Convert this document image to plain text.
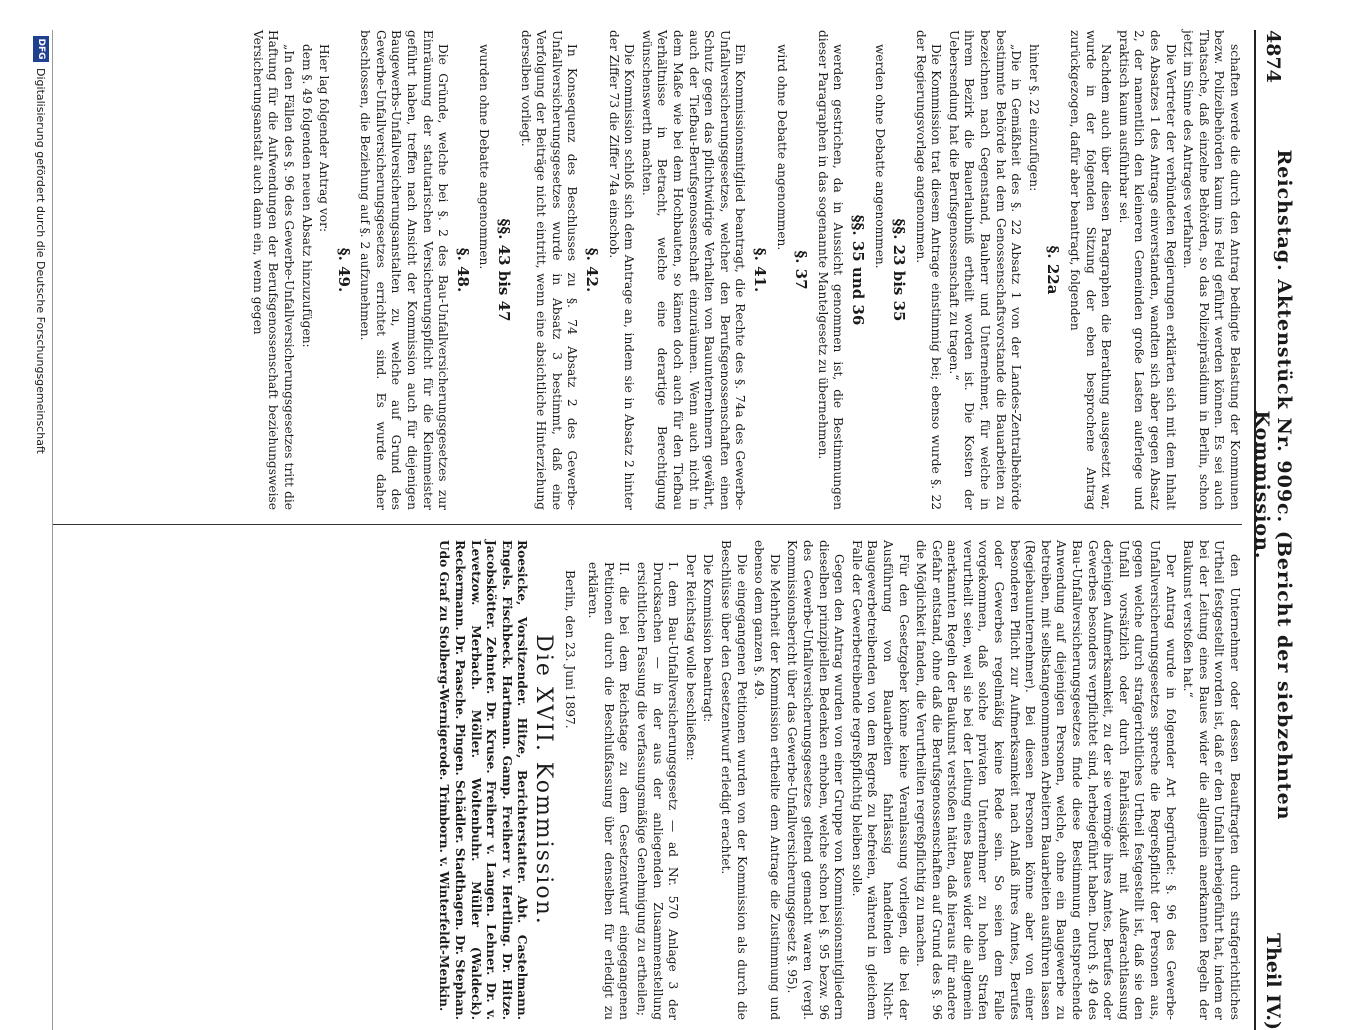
4874
Reichstag. Aktenstück Nr. 909c. (Bericht der siebzehnten Kommission.
Theil IV.)

schaften werde die durch den Antrag bedingte Belastung der Kommunen bezw. Polizeibehörden kaum ins Feld geführt werden können. Es sei auch Thatsache, daß einzelne Behörden, so das Polizeipräsidium in Berlin, schon jetzt im Sinne des Antrages verfahren.

Die Vertreter der verbündeten Regierungen erklärten sich mit dem Inhalt des Absatzes 1 des Antrags einverstanden, wandten sich aber gegen Absatz 2, der namentlich den kleineren Gemeinden große Lasten auferlege und praktisch kaum ausführbar sei.

Nachdem auch über diesen Paragraphen die Berathung ausgesetzt war, wurde in der folgenden Sitzung der eben besprochene Antrag zurückgezogen, dafür aber beantragt, folgenden

§. 22a

hinter §. 22 einzufügen:

„Die in Gemäßheit des §. 22 Absatz 1 von der Landes-Zentralbehörde bestimmte Behörde hat dem Genossenschaftsvorstande die Bauarbeiten zu bezeichnen nach Gegenstand, Bauherr und Unternehmer, für welche in ihrem Bezirk die Bauerlaubniß ertheilt worden ist. Die Kosten der Uebersendung hat die Berufsgenossenschaft zu tragen.“

Die Kommission trat diesem Antrage einstimmig bei; ebenso wurde §. 22 der Regierungsvorlage angenommen.

§§. 23 bis 35

werden ohne Debatte angenommen.

§§. 35 und 36

werden gestrichen, da in Aussicht genommen ist, die Bestimmungen dieser Paragraphen in das sogenannte Mantelgesetz zu übernehmen.

§. 37

wird ohne Debatte angenommen.

§. 41.

Ein Kommissionsmitglied beantragt, die Rechte des §. 74a des Gewerbe-Unfallversicherungsgesetzes, welcher den Berufsgenossenschaften einen Schutz gegen das pflichtwidrige Verhalten von Bauunternehmern gewährt, auch der Tiefbau-Berufsgenossenschaft einzuräumen. Wenn auch nicht in dem Maße wie bei dem Hochbauten, so kämen doch auch für den Tiefbau Verhältnisse in Betracht, welche eine derartige Berechtigung wünschenswerth machten.

Die Kommission schloß sich dem Antrage an, indem sie in Absatz 2 hinter der Ziffer 73 die Ziffer 74a einschob.

§. 42.

In Konsequenz des Beschlusses zu §. 74 Absatz 2 des Gewerbe-Unfallversicherungsgesetzes wurde in Absatz 3 bestimmt, daß eine Verfolgung der Beiträge nicht eintritt, wenn eine absichtliche Hinterziehung derselben vorliegt.

§§. 43 bis 47

wurden ohne Debatte angenommen.

§. 48.

Die Gründe, welche bei §. 2 des Bau-Unfallversicherungsgesetzes zur Einräumung der statutarischen Versicherungspflicht für die Kleinmeister geführt haben, treffen nach Ansicht der Kommission auch für diejenigen Baugewerbs-Unfallversicherungsanstalten zu, welche auf Grund des Gewerbe-Unfallversicherungsgesetzes errichtet sind. Es wurde daher beschlossen, die Beziehung auf §. 2 aufzunehmen.

§. 49.

Hier lag folgender Antrag vor:

dem §. 49 folgenden neuen Absatz hinzuzufügen:

„In den Fällen des §. 96 des Gewerbe-Unfallversicherungsgesetzes tritt die Haftung für die Aufwendungen der Berufsgenossenschaft beziehungsweise Versicherungsanstalt auch dann ein, wenn gegen

den Unternehmer oder dessen Beauftragten durch strafgerichtliches Urtheil festgestellt worden ist, daß er den Unfall herbeigeführt hat, indem er bei der Leitung eines Baues wider die allgemein anerkannten Regeln der Baukunst verstoßen hat.“

Der Antrag wurde in folgender Art begründet: §. 96 des Gewerbe-Unfallversicherungsgesetzes spreche die Regreßpflicht der Personen aus, gegen welche durch strafgerichtliches Urtheil festgestellt ist, daß sie den Unfall vorsätzlich oder durch Fahrlässigkeit mit Außerachtlassung derjenigen Aufmerksamkeit, zu der sie vermöge ihres Amtes, Berufes oder Gewerbes besonders verpflichtet sind, herbeigeführt haben. Durch §. 49 des Bau-Unfallversicherungsgesetzes finde diese Bestimmung entsprechende Anwendung auf diejenigen Personen, welche, ohne ein Baugewerbe zu betreiben, mit selbstangenommenen Arbeitern Bauarbeiten ausführen lassen (Regiebauunternehmer). Bei diesen Personen könne aber von einer besonderen Pflicht zur Aufmerksamkeit nach Anlaß ihres Amtes, Berufes oder Gewerbes regelmäßig keine Rede sein. So seien dem Falle vorgekommen, daß solche privaten Unternehmer zu hohen Strafen verurtheilt seien, weil sie bei der Leitung eines Baues wider die allgemein anerkannten Regeln der Baukunst verstoßen hätten, daß hieraus für andere Gefahr entstand, ohne daß die Berufsgenossenschaften auf Grund des §. 96 die Möglichkeit fanden, die Verurtheilten regreßpflichtig zu machen.

Für den Gesetzgeber könne keine Veranlassung vorliegen, die bei der Ausführung von Bauarbeiten fahrlässig handelnden Nicht-Baugewerbetreibenden von dem Regreß zu befreien, während in gleichem Falle der Gewerbetreibende regreßpflichtig bleiben solle.

Gegen den Antrag wurden von einer Gruppe von Kommissionsmitgliedern dieselben prinzipiellen Bedenken erhoben, welche schon bei §. 95 bezw. 96 des Gewerbe-Unfallversicherungsgesetzes geltend gemacht waren (vergl. Kommissionsbericht über das Gewerbe-Unfallversicherungsgesetz §. 95).

Die Mehrheit der Kommission ertheilte dem Antrage die Zustimmung und ebenso dem ganzen §. 49.

Die eingegangenen Petitionen wurden von der Kommission als durch die Beschlüsse über den Gesetzentwurf erledigt erachtet.

Die Kommission beantragt:

Der Reichstag wolle beschließen:

I. dem Bau-Unfallversicherungsgesetz — ad Nr. 570 Anlage 3 der Drucksachen — in der aus der anliegenden Zusammenstellung ersichtlichen Fassung die verfassungsmäßige Genehmigung zu ertheilen;

II. die bei dem Reichstage zu dem Gesetzentwurf eingegangenen Petitionen durch die Beschlußfassung über denselben für erledigt zu erklären.

Berlin, den 23. Juni 1897.

Die XVII. Kommission.

Roesicke, Vorsitzender. Hitze, Berichterstatter. Abt. Castelmann. Engels. Fischbeck. Hartmann. Gamp. Freiherr v. Hertling. Dr. Hitze. Jacobskötter. Zehnter. Dr. Kruse. Freiherr v. Langen. Lehner. Dr. v. Levetzow. Merbach. Möller. Woltenbuhr. Müller (Waldeck). Reckermann. Dr. Paasche. Pingen. Schädler. Stadthagen. Dr. Stephan. Udo Graf zu Stolberg-Wernigerode. Trimborn. v. Winterfeldt-Menkin.

DFG
Digitalisierung gefördert durch die Deutsche Forschungsgemeinschaft
